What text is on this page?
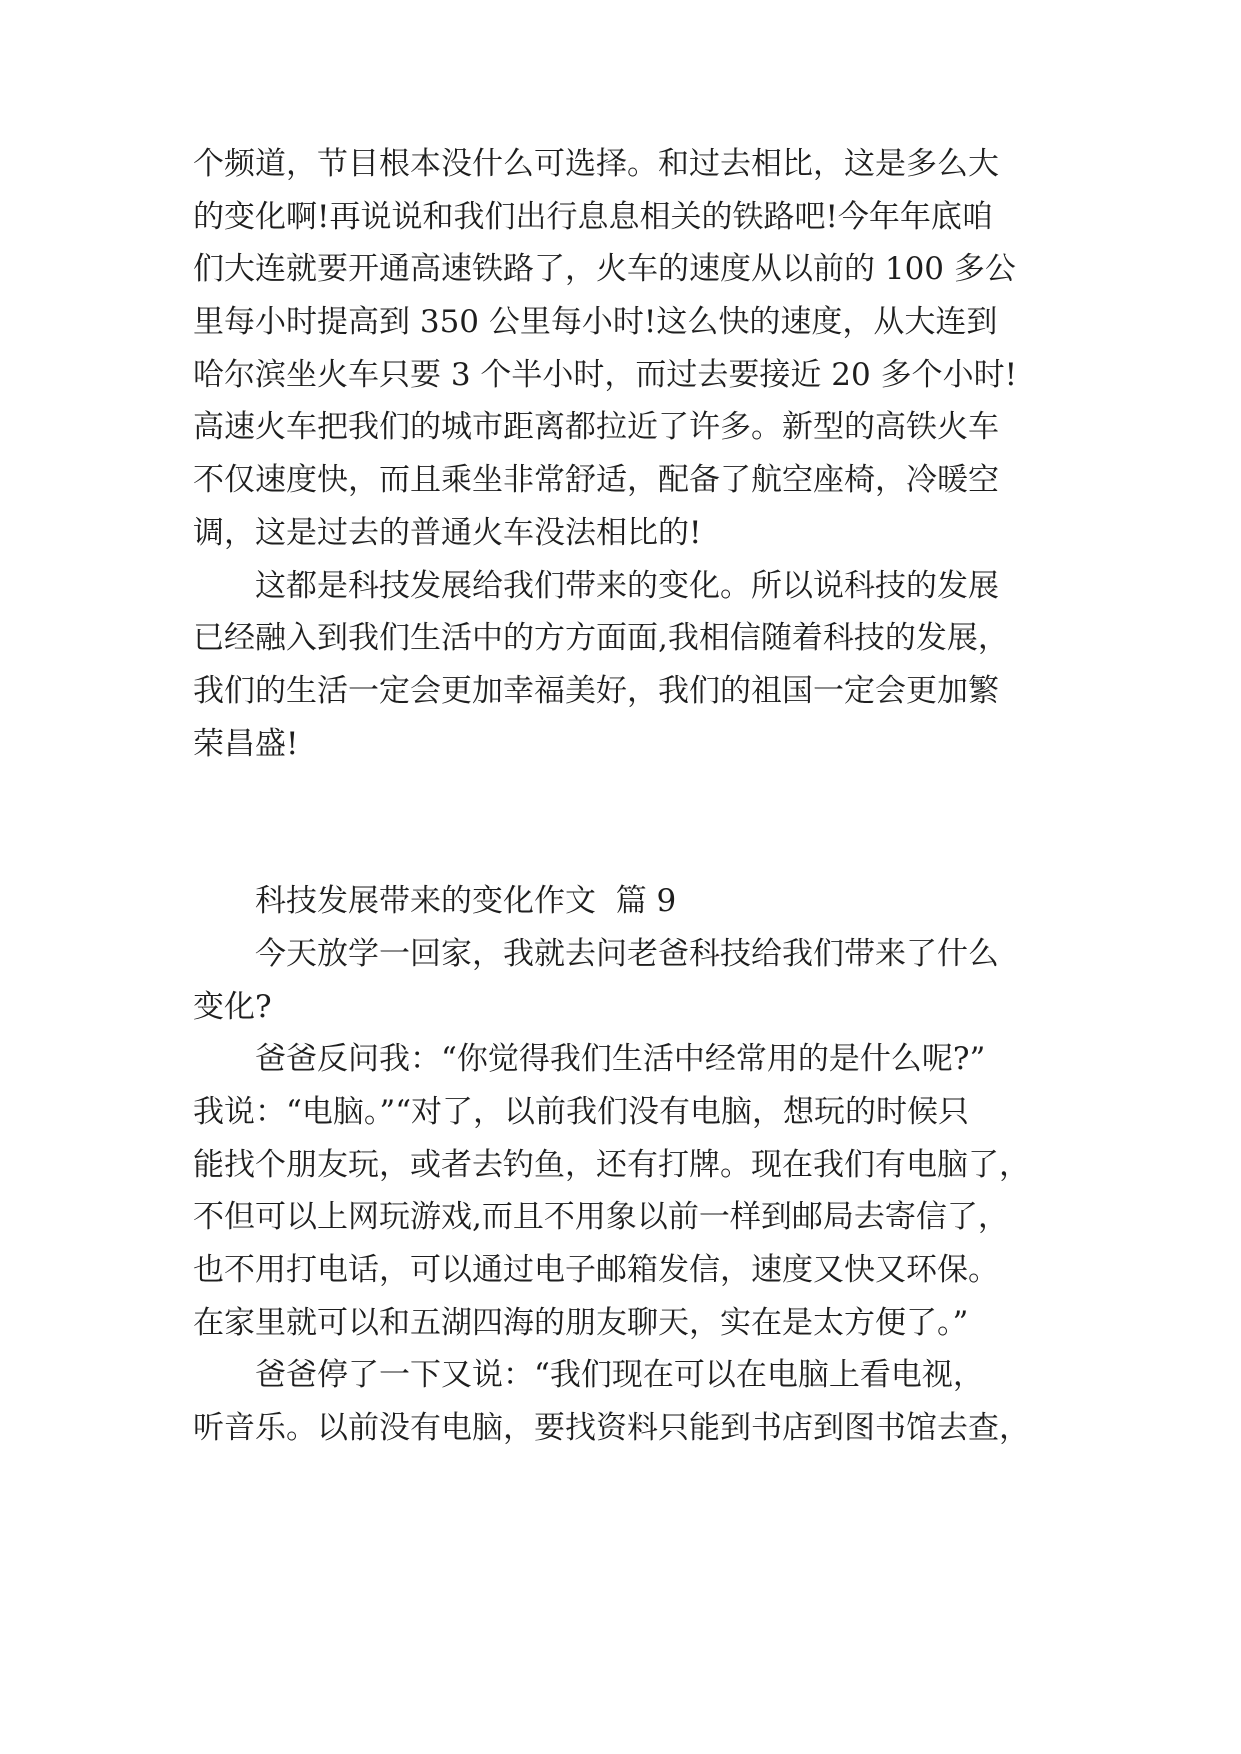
个频道，节目根本没什么可选择。和过去相比，这是多么大
的变化啊!再说说和我们出行息息相关的铁路吧!今年年底咱
们大连就要开通高速铁路了，火车的速度从以前的 100 多公
里每小时提高到 350 公里每小时!这么快的速度，从大连到
哈尔滨坐火车只要 3 个半小时，而过去要接近 20 多个小时!
高速火车把我们的城市距离都拉近了许多。新型的高铁火车
不仅速度快，而且乘坐非常舒适，配备了航空座椅，冷暖空
调，这是过去的普通火车没法相比的!
这都是科技发展给我们带来的变化。所以说科技的发展
已经融入到我们生活中的方方面面,我相信随着科技的发展，
我们的生活一定会更加幸福美好，我们的祖国一定会更加繁
荣昌盛!
科技发展带来的变化作文  篇 9
今天放学一回家，我就去问老爸科技给我们带来了什么
变化?
爸爸反问我：“你觉得我们生活中经常用的是什么呢?”
我说：“电脑。”“对了，以前我们没有电脑，想玩的时候只
能找个朋友玩，或者去钓鱼，还有打牌。现在我们有电脑了，
不但可以上网玩游戏,而且不用象以前一样到邮局去寄信了，
也不用打电话，可以通过电子邮箱发信，速度又快又环保。
在家里就可以和五湖四海的朋友聊天，实在是太方便了。”
爸爸停了一下又说：“我们现在可以在电脑上看电视，
听音乐。以前没有电脑，要找资料只能到书店到图书馆去查，
